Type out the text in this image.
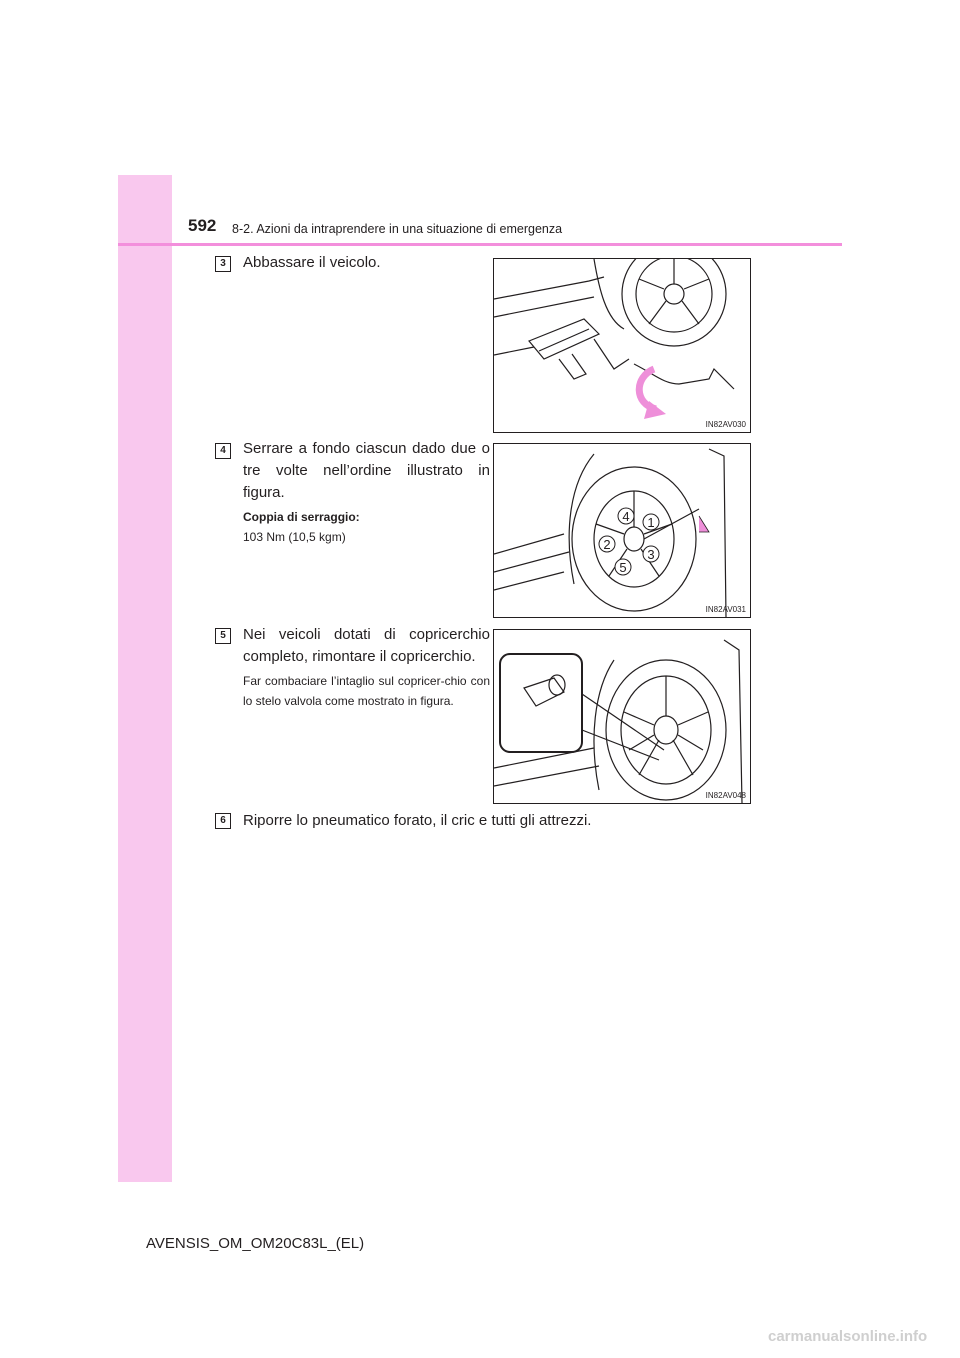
592 8-2. Azioni da intraprendere in una situazione di emergenza
3	Abbassare il veicolo.
IN82AV030
4	Serrare a fondo ciascun dado due o tre volte nell’ordine illustrato in figura.
Coppia di serraggio:
103 Nm (10,5 kgm)
1
2
3
4
5
IN82AV031
5	Nei veicoli dotati di copricerchio completo, rimontare il copricerchio.
Far combaciare l’intaglio sul copricer-chio con lo stelo valvola come mostrato in figura.
IN82AV048
6	Riporre lo pneumatico forato, il cric e tutti gli attrezzi.
AVENSIS_OM_OM20C83L_(EL)
carmanualsonline.info
